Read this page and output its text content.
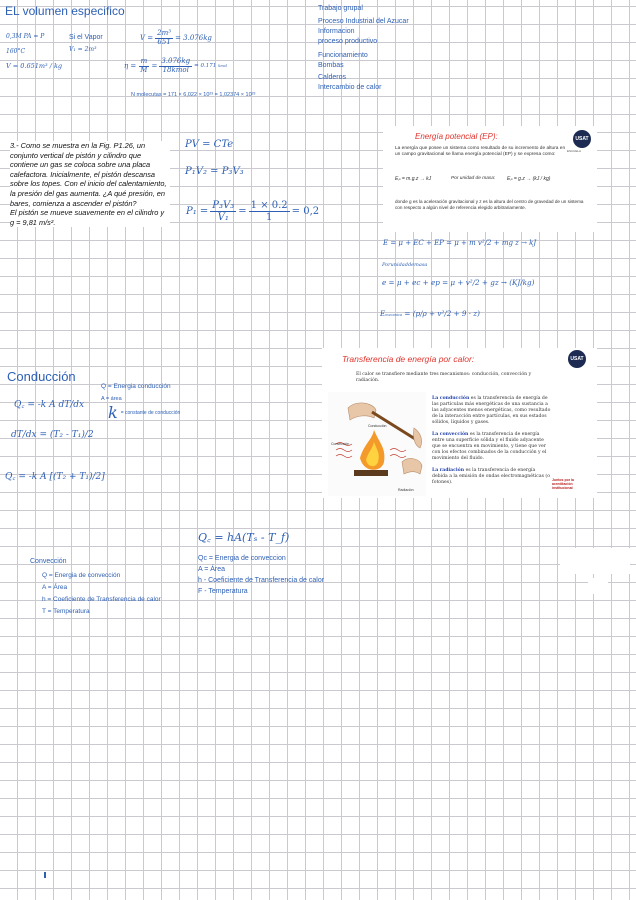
EL volumen especifico	Trabajo grupal
Proceso Industrial del Azucar
Informacion
proceso productivo
Funcionamiento
Bombas
Calderos
Intercambio de calor
0,3M PA = P
160°C
V = 0.651m³ / kg
Si el Vapor
V₁ = 2m³
$V = \frac{\text{2m³}}{651} = 3.076kg$
$\eta = \frac{m}{M} = \frac{3.076kg}{\text{18kmol}} = 0.171$ kmol
N molecutas = 171 × 6,022 × 10²³ = 1,02374 × 10²³
3.- Como se muestra en la Fig. P1.26, un conjunto vertical de pistón y cilindro que contiene un gas se coloca sobre una placa calefactora. Inicialmente, el pistón descansa sobre los topes. Con el inicio del calentamiento, la presión del gas aumenta. ¿A qué presión, en bares, comienza a ascender el pistón?
El pistón se mueve suavemente en el cilindro y g = 9,81 m/s².
PV = CTe
P₁V₂ = P₃V₃
$P_1 = \frac{\text{P₃V₃}}{\text{V₁}} = \frac{1 \times 0.2}{1} = 0,2$
Energía potencial (EP):	USAT
ESCUELA
La energía que posee un sistema como resultado de su incremento de altura en un campo gravitacional se llama energía potencial (EP) y se expresa como:
Eₚ = m.g.z → kJ	Por unidad de masa: Eₚ = g.z → (kJ / kg)
donde g es la aceleración gravitacional y z es la altura del centro de gravedad de un sistema con respecto a algún nivel de referencia elegido arbitrariamente.
E = μ + EC + EP = μ + m v²/2 + mg z → kJ
Porunidaddemasa
e = μ + ec + ep = μ + v²/2 + gz → (KJ/kg)
Emecanica = (p/ρ + v²/2 + 9 · z)
Transferencia de energía por calor:	USAT
El calor se transfiere mediante tres mecanismos: conducción, convección y radiación.
Conducción
Convección
Radiación
La conducción es la transferencia de energía de las partículas más energéticas de una sustancia a las adyacentes menos energéticas, como resultado de la interacción entre partículas, en sus estados sólidos, líquidos y gases.
La convección es la transferencia de energía entre una superficie sólida y el fluido adyacente que se encuentra en movimiento, y tiene que ver con los efectos combinados de la conducción y el movimiento del fluido.
La radiación es la transferencia de energía debida a la emisión de ondas electromagnéticas (o fotones).	Juntos por la acreditación institucional
Conducción
Q꜀ = -k A dT/dx
dT/dx = (T₂ - T₁)/2
Q꜀ = -k A [(T₂ + T₁)/2]
Q = Energia conducción
A = área
k = constante de conducción
Q꜀ = hA(Tₛ - T_f)
Qc = Energia de conveccion
A = Área
h - Coeficiente de Transferencia de calor
F - Temperatura
Convección
Q = Energia de convección
A = Área
h = Coeficiente de Transferencia de calor
T = Temperatura
